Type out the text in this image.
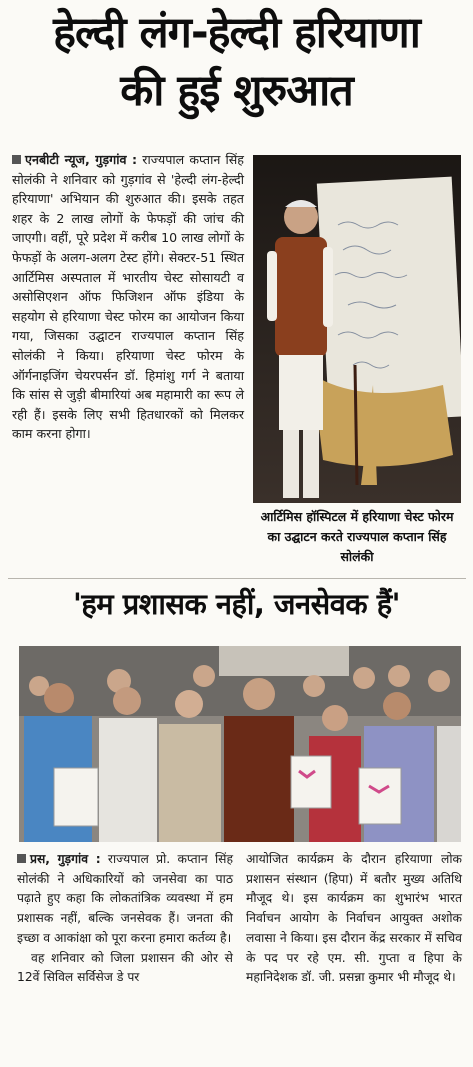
हेल्दी लंग-हेल्दी हरियाणा
की हुई शुरुआत
एनबीटी न्यूज, गुड़गांव : राज्यपाल कप्तान सिंह सोलंकी ने शनिवार को गुड़गांव से 'हेल्दी लंग-हेल्दी हरियाणा' अभियान की शुरुआत की। इसके तहत शहर के 2 लाख लोगों के फेफड़ों की जांच की जाएगी। वहीं, पूरे प्रदेश में करीब 10 लाख लोगों के फेफड़ों के अलग-अलग टेस्ट होंगे। सेक्टर-51 स्थित आर्टिमिस अस्पताल में भारतीय चेस्ट सोसायटी व असोसिएशन ऑफ फिजिशन ऑफ इंडिया के सहयोग से हरियाणा चेस्ट फोरम का आयोजन किया गया, जिसका उद्घाटन राज्यपाल कप्तान सिंह सोलंकी ने किया। हरियाणा चेस्ट फोरम के ऑर्गनाइजिंग चेयरपर्सन डॉ. हिमांशु गर्ग ने बताया कि सांस से जुड़ी बीमारियां अब महामारी का रूप ले रही हैं। इसके लिए सभी हितधारकों को मिलकर काम करना होगा।
आर्टिमिस हॉस्पिटल में हरियाणा चेस्ट फोरम का उद्घाटन करते राज्यपाल कप्तान सिंह सोलंकी
'हम प्रशासक नहीं, जनसेवक हैं'

प्रस, गुड़गांव : राज्यपाल प्रो. कप्तान सिंह सोलंकी ने अधिकारियों को जनसेवा का पाठ पढ़ाते हुए कहा कि लोकतांत्रिक व्यवस्था में हम प्रशासक नहीं, बल्कि जनसेवक हैं। जनता की इच्छा व आकांक्षा को पूरा करना हमारा कर्तव्य है।

वह शनिवार को जिला प्रशासन की ओर से 12वें सिविल सर्विसेज डे पर

आयोजित कार्यक्रम के दौरान हरियाणा लोक प्रशासन संस्थान (हिपा) में बतौर मुख्य अतिथि मौजूद थे। इस कार्यक्रम का शुभारंभ भारत निर्वाचन आयोग के निर्वाचन आयुक्त अशोक लवासा ने किया। इस दौरान केंद्र सरकार में सचिव के पद पर रहे एम. सी. गुप्ता व हिपा के महानिदेशक डॉ. जी. प्रसन्ना कुमार भी मौजूद थे।
